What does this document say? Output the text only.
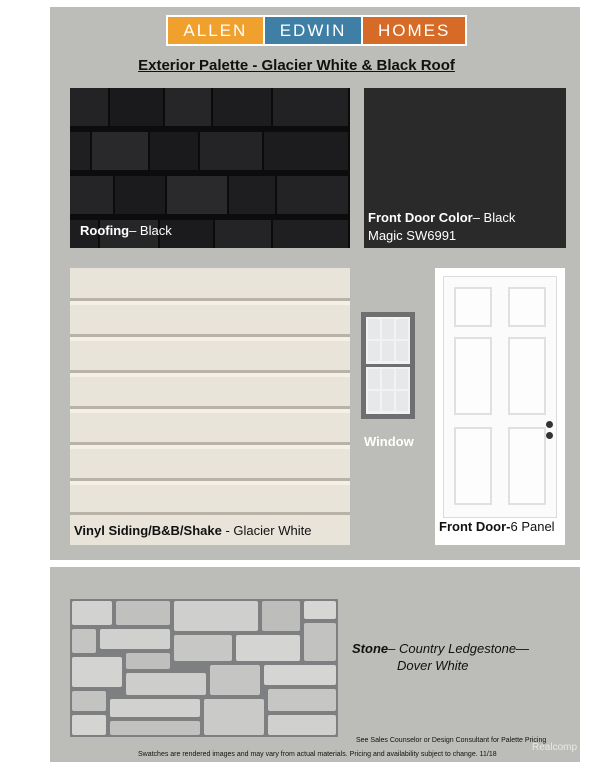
ALLEN	EDWIN	HOMES
Exterior Palette - Glacier White & Black Roof
Roofing– Black
Front Door Color– Black
Magic SW6991
Vinyl Siding/B&B/Shake - Glacier White
Window
Front Door-6 Panel
Stone– Country Ledgestone—
Dover White
See Sales Counselor or Design Consultant for Palette Pricing
Swatches are rendered images and may vary from actual materials. Pricing and availability subject to change. 11/18
Realcomp
